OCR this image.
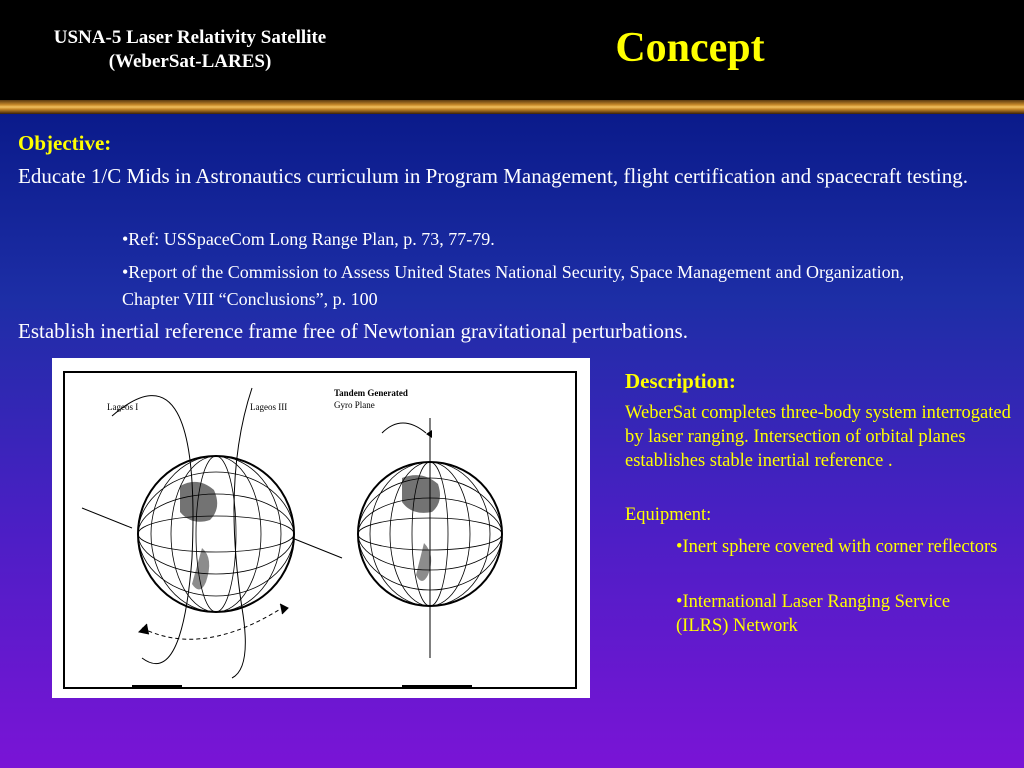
USNA-5 Laser Relativity Satellite (WeberSat-LARES)	Concept
Objective:
Educate 1/C Mids in Astronautics curriculum in Program Management, flight certification and spacecraft testing.
•Ref: USSpaceCom Long Range Plan, p. 73, 77-79.
•Report of the Commission to Assess United States National Security, Space Management and Organization, Chapter VIII “Conclusions”, p. 100
Establish inertial reference frame free of Newtonian gravitational perturbations.
Lageos I	Lageos III
Tandem Generated
Gyro Plane
Description:
WeberSat completes three-body system interrogated by laser ranging. Intersection of orbital planes establishes stable inertial reference .
Equipment:
•Inert sphere covered with corner reflectors
•International Laser Ranging Service (ILRS) Network
